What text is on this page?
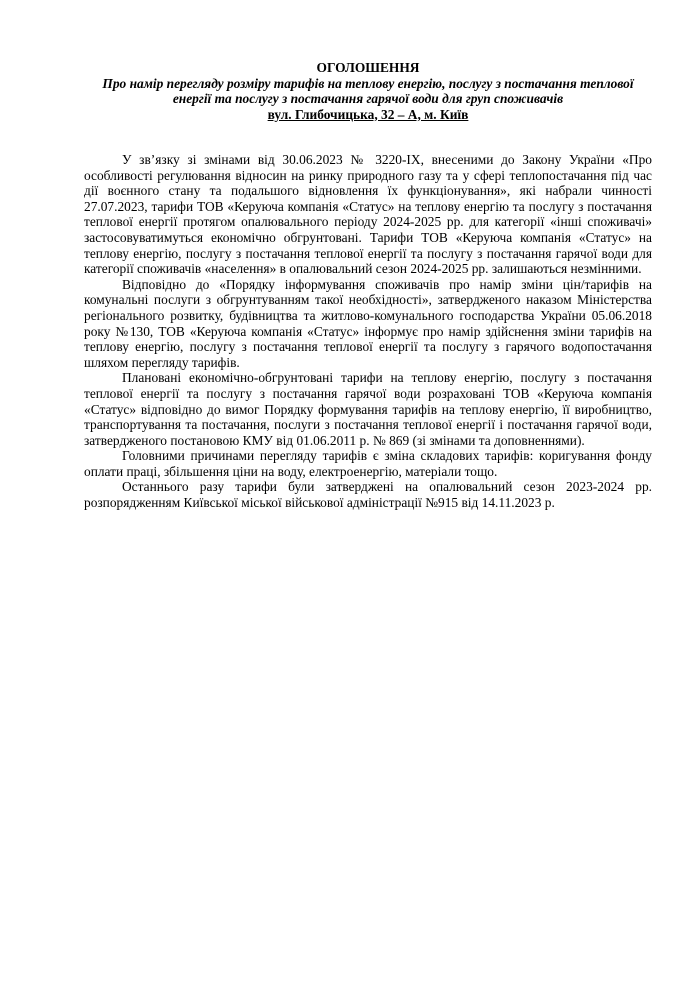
ОГОЛОШЕННЯ
Про намір перегляду розміру тарифів на теплову енергію, послугу з постачання теплової енергії та послугу з постачання гарячої води для груп споживачів
вул. Глибочицька, 32 – А, м. Київ

У зв’язку зі змінами від 30.06.2023 № 3220-IX, внесеними до Закону України «Про особливості регулювання відносин на ринку природного газу та у сфері теплопостачання під час дії воєнного стану та подальшого відновлення їх функціонування», які набрали чинності 27.07.2023, тарифи ТОВ «Керуюча компанія «Статус» на теплову енергію та послугу з постачання теплової енергії протягом опалювального періоду 2024-2025 рр. для категорії «інші споживачі» застосовуватимуться економічно обгрунтовані. Тарифи ТОВ «Керуюча компанія «Статус» на теплову енергію, послугу з постачання теплової енергії та послугу з постачання гарячої води для категорії споживачів «населення» в опалювальний сезон 2024-2025 рр. залишаються незмінними.

Відповідно до «Порядку інформування споживачів про намір зміни цін/тарифів на комунальні послуги з обгрунтуванням такої необхідності», затвердженого наказом Міністерства регіонального розвитку, будівництва та житлово-комунального господарства України 05.06.2018 року №130, ТОВ «Керуюча компанія «Статус» інформує про намір здійснення зміни тарифів на теплову енергію, послугу з постачання теплової енергії та послугу з гарячого водопостачання шляхом перегляду тарифів.

Плановані економічно-обгрунтовані тарифи на теплову енергію, послугу з постачання теплової енергії та послугу з постачання гарячої води розраховані ТОВ «Керуюча компанія «Статус» відповідно до вимог Порядку формування тарифів на теплову енергію, її виробництво, транспортування та постачання, послуги з постачання теплової енергії і постачання гарячої води, затвердженого постановою КМУ від 01.06.2011 р. № 869 (зі змінами та доповненнями).

Головними причинами перегляду тарифів є зміна складових тарифів: коригування фонду оплати праці, збільшення ціни на воду, електроенергію, матеріали тощо.

Останнього разу тарифи були затверджені на опалювальний сезон 2023-2024 рр. розпорядженням Київської міської військової адміністрації №915 від 14.11.2023 р.
